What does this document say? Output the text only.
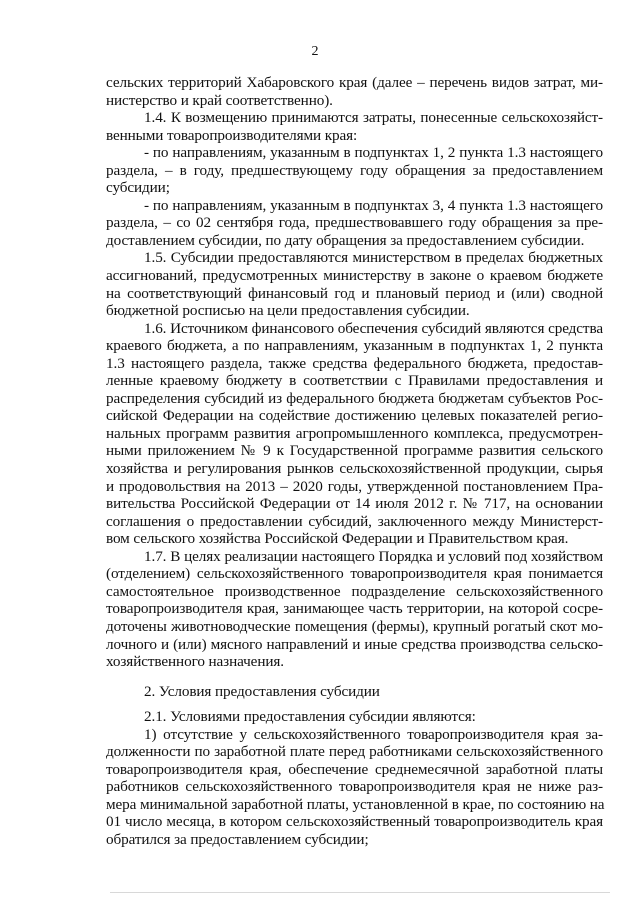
2
сельских территорий Хабаровского края (далее – перечень видов затрат, ми-
нистерство и край соответственно).
1.4. К возмещению принимаются затраты, понесенные сельскохозяйст-
венными товаропроизводителями края:
- по направлениям, указанным в подпунктах 1, 2 пункта 1.3 настоящего
раздела, – в году, предшествующему году обращения за предоставлением
субсидии;
- по направлениям, указанным в подпунктах 3, 4 пункта 1.3 настоящего
раздела, – со 02 сентября года, предшествовавшего году обращения за пре-
доставлением субсидии, по дату обращения за предоставлением субсидии.
1.5. Субсидии предоставляются министерством в пределах бюджетных
ассигнований, предусмотренных министерству в законе о краевом бюджете
на соответствующий финансовый год и плановый период и (или) сводной
бюджетной росписью на цели предоставления субсидии.
1.6. Источником финансового обеспечения субсидий являются средства
краевого бюджета, а по направлениям, указанным в подпунктах 1, 2 пункта
1.3 настоящего раздела, также средства федерального бюджета, предостав-
ленные краевому бюджету в соответствии с Правилами предоставления и
распределения субсидий из федерального бюджета бюджетам субъектов Рос-
сийской Федерации на содействие достижению целевых показателей регио-
нальных программ развития агропромышленного комплекса, предусмотрен-
ными приложением № 9 к Государственной программе развития сельского
хозяйства и регулирования рынков сельскохозяйственной продукции, сырья
и продовольствия на 2013 – 2020 годы, утвержденной постановлением Пра-
вительства Российской Федерации от 14 июля 2012 г. № 717, на основании
соглашения о предоставлении субсидий, заключенного между Министерст-
вом сельского хозяйства Российской Федерации и Правительством края.
1.7. В целях реализации настоящего Порядка и условий под хозяйством
(отделением) сельскохозяйственного товаропроизводителя края понимается
самостоятельное производственное подразделение сельскохозяйственного
товаропроизводителя края, занимающее часть территории, на которой сосре-
доточены животноводческие помещения (фермы), крупный рогатый скот мо-
лочного и (или) мясного направлений и иные средства производства сельско-
хозяйственного назначения.
2. Условия предоставления субсидии
2.1. Условиями предоставления субсидии являются:
1) отсутствие у сельскохозяйственного товаропроизводителя края за-
долженности по заработной плате перед работниками сельскохозяйственного
товаропроизводителя края, обеспечение среднемесячной заработной платы
работников сельскохозяйственного товаропроизводителя края не ниже раз-
мера минимальной заработной платы, установленной в крае, по состоянию на
01 число месяца, в котором сельскохозяйственный товаропроизводитель края
обратился за предоставлением субсидии;
